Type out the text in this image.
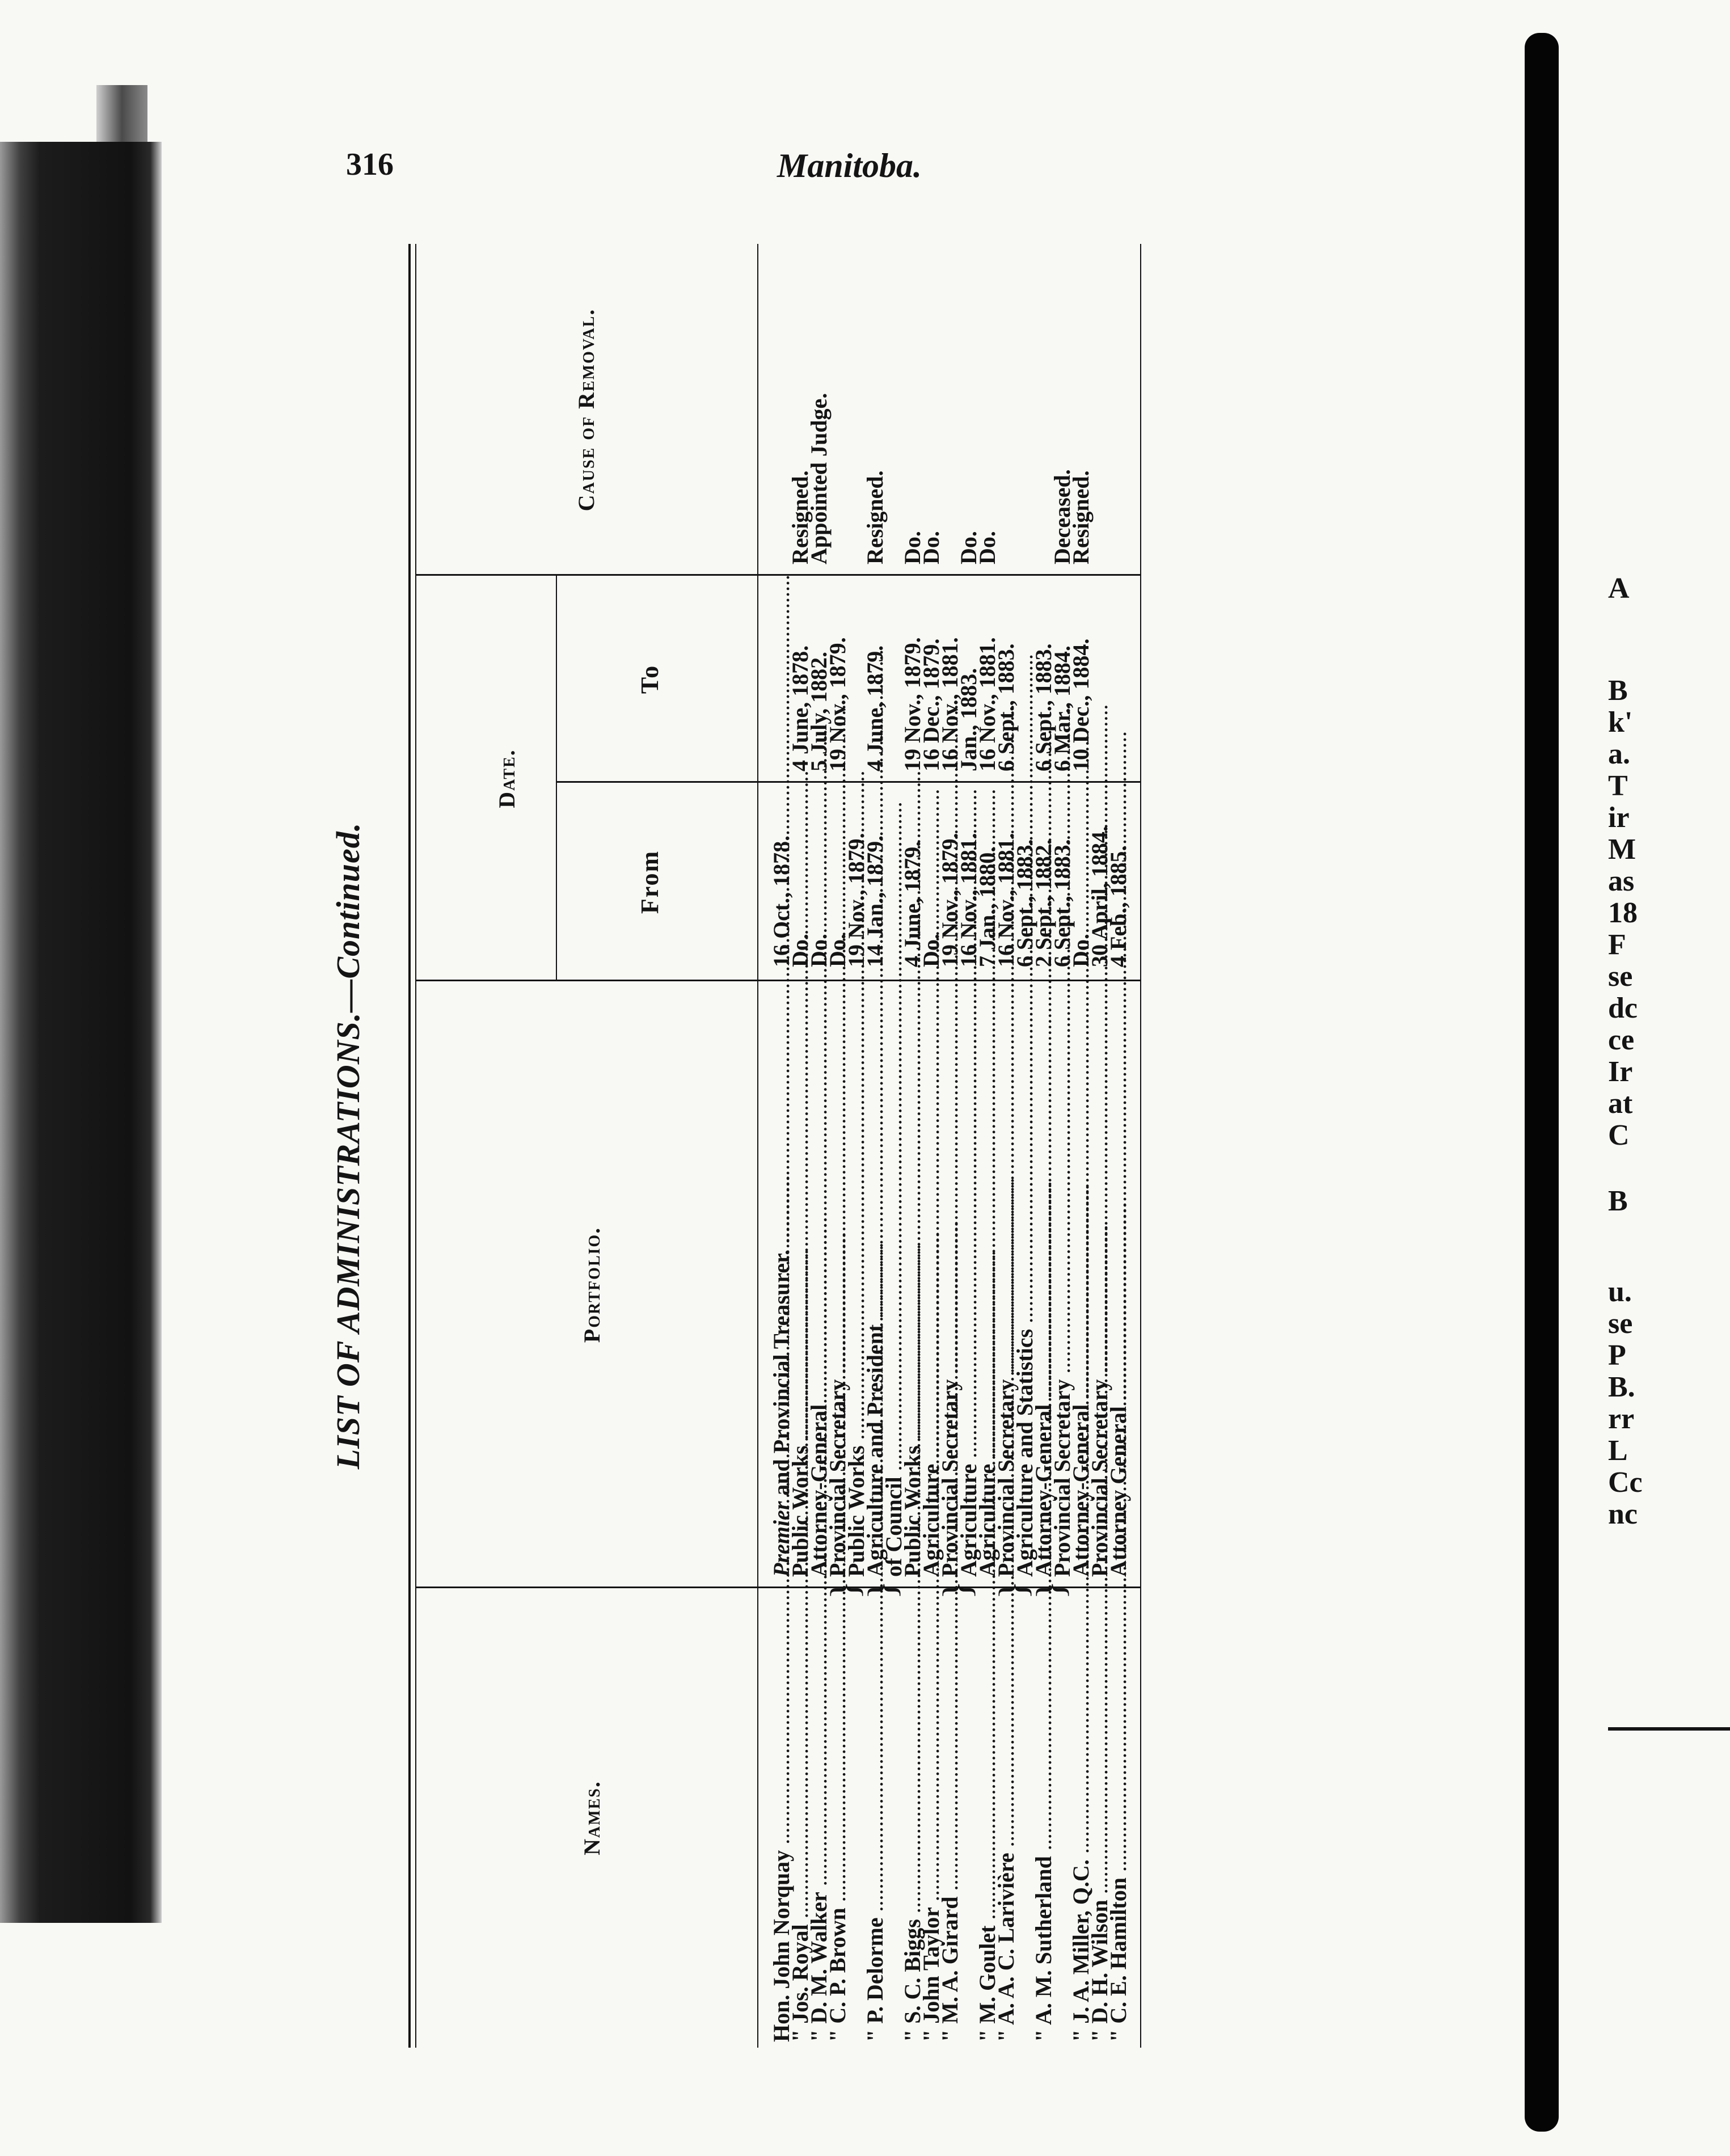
316	Manitoba.
LIST OF ADMINISTRATIONS.—Continued.
Names.
Portfolio.
Date.
From
To
Cause of Removal.
Hon. John Norquay .....
Premier and Provincial Treasurer. .....
16 Oct., 1878.
" Jos. Royal .....
Public Works .....
Do.
4 June, 1878.
Resigned.
" D. M. Walker .....
Attorney-General .....
Do.
5 July, 1882.
Appointed Judge.
" C. P. Brown .....
Provincial Secretary .....
Do.
19 Nov., 1879.
Public Works .....
19 Nov., 1879.
" P. Delorme .....
Agriculture and President .....
14 Jan., 1879.
4 June, 1879.
Resigned.
of Council .....
" S. C. Biggs .....
Public Works .....
4 June, 1879.
19 Nov., 1879.
Do.
" John Taylor .....
Agriculture .....
Do.
16 Dec., 1879.
Do.
" M. A. Girard .....
Provincial Secretary .....
19 Nov., 1879.
16 Nov., 1881.
Agriculture .....
16 Nov., 1881.
Jan., 1883.
Do.
" M. Goulet .....
Agriculture .....
7 Jan., 1880.
16 Nov., 1881.
Do.
" A. A. C. Larivière .....
Provincial Secretary .....
16 Nov., 1881.
6 Sept., 1883.
Agriculture and Statistics .....
6 Sept., 1883.
" A. M. Sutherland .....
Attorney-General .....
2 Sept., 1882.
6 Sept., 1883.
Provincial Secretary .....
6 Sept., 1883.
6 Mar., 1884.
Deceased.
" J. A. Miller, Q.C. .....
Attorney-General .....
Do.
10 Dec., 1884.
Resigned.
" D. H. Wilson .....
Provincial Secretary .....
30 April, 1884.
" C. E. Hamilton .....
Attorney General .....
4 Feb., 1885.
}
} } }
}
A
B
k'
a.
T
ir
M
as
18
F
se
dc
ce
Ir
at
C
B
u.
se
P
B.
rr
L
Cc
nc
